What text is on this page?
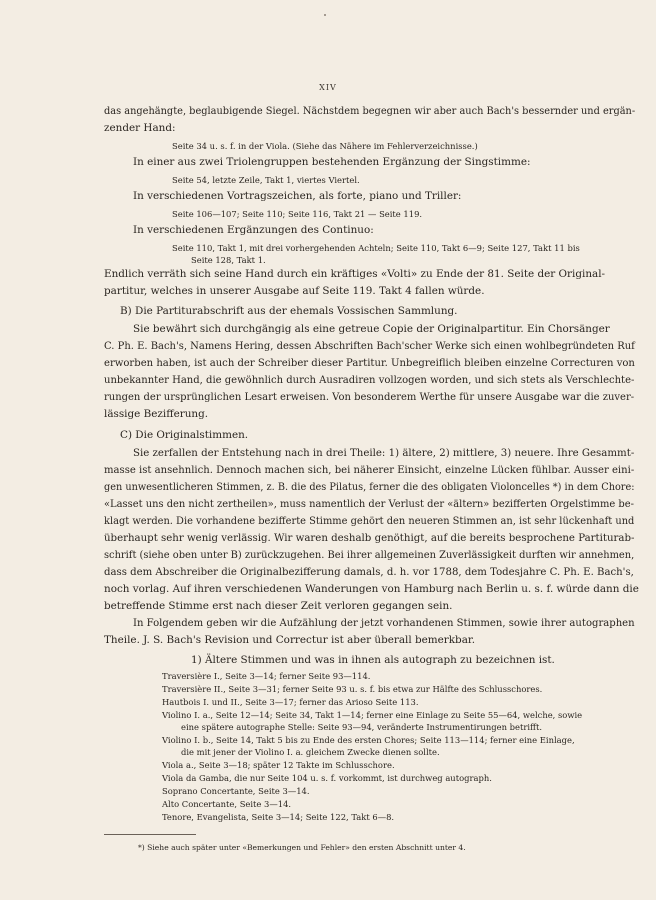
XIV
das angehängte, beglaubigende Siegel. Nächstdem begegnen wir aber auch Bach's bessernder und ergän-
zender Hand:
Seite 34 u. s. f. in der Viola. (Siehe das Nähere im Fehlerverzeichnisse.)
In einer aus zwei Triolengruppen bestehenden Ergänzung der Singstimme:
Seite 54, letzte Zeile, Takt 1, viertes Viertel.
In verschiedenen Vortragszeichen, als forte, piano und Triller:
Seite 106—107; Seite 110; Seite 116, Takt 21 — Seite 119.
In verschiedenen Ergänzungen des Continuo:
Seite 110, Takt 1, mit drei vorhergehenden Achteln; Seite 110, Takt 6—9; Seite 127, Takt 11 bis
Seite 128, Takt 1.
Endlich verräth sich seine Hand durch ein kräftiges «Volti» zu Ende der 81. Seite der Original-
partitur, welches in unserer Ausgabe auf Seite 119. Takt 4 fallen würde.
B) Die Partiturabschrift aus der ehemals Vossischen Sammlung.
Sie bewährt sich durchgängig als eine getreue Copie der Originalpartitur. Ein Chorsänger
C. Ph. E. Bach's, Namens Hering, dessen Abschriften Bach'scher Werke sich einen wohlbegründeten Ruf
erworben haben, ist auch der Schreiber dieser Partitur. Unbegreiflich bleiben einzelne Correcturen von
unbekannter Hand, die gewöhnlich durch Ausradiren vollzogen worden, und sich stets als Verschlechte-
rungen der ursprünglichen Lesart erweisen. Von besonderem Werthe für unsere Ausgabe war die zuver-
lässige Bezifferung.
C) Die Originalstimmen.
Sie zerfallen der Entstehung nach in drei Theile: 1) ältere, 2) mittlere, 3) neuere. Ihre Gesammt-
masse ist ansehnlich. Dennoch machen sich, bei näherer Einsicht, einzelne Lücken fühlbar. Ausser eini-
gen unwesentlicheren Stimmen, z. B. die des Pilatus, ferner die des obligaten Violoncelles *) in dem Chore:
«Lasset uns den nicht zertheilen», muss namentlich der Verlust der «ältern» bezifferten Orgelstimme be-
klagt werden. Die vorhandene bezifferte Stimme gehört den neueren Stimmen an, ist sehr lückenhaft und
überhaupt sehr wenig verlässig. Wir waren deshalb genöthigt, auf die bereits besprochene Partiturab-
schrift (siehe oben unter B) zurückzugehen. Bei ihrer allgemeinen Zuverlässigkeit durften wir annehmen,
dass dem Abschreiber die Originalbezifferung damals, d. h. vor 1788, dem Todesjahre C. Ph. E. Bach's,
noch vorlag. Auf ihren verschiedenen Wanderungen von Hamburg nach Berlin u. s. f. würde dann die
betreffende Stimme erst nach dieser Zeit verloren gegangen sein.
In Folgendem geben wir die Aufzählung der jetzt vorhandenen Stimmen, sowie ihrer autographen
Theile. J. S. Bach's Revision und Correctur ist aber überall bemerkbar.
1) Ältere Stimmen und was in ihnen als autograph zu bezeichnen ist.
Traversière I., Seite 3—14; ferner Seite 93—114.
Traversière II., Seite 3—31; ferner Seite 93 u. s. f. bis etwa zur Hälfte des Schlusschores.
Hautbois I. und II., Seite 3—17; ferner das Arioso Seite 113.
Violino I. a., Seite 12—14; Seite 34, Takt 1—14; ferner eine Einlage zu Seite 55—64, welche, sowie
eine spätere autographe Stelle: Seite 93—94, veränderte Instrumentirungen betrifft.
Violino I. b., Seite 14, Takt 5 bis zu Ende des ersten Chores; Seite 113—114; ferner eine Einlage,
die mit jener der Violino I. a. gleichem Zwecke dienen sollte.
Viola a., Seite 3—18; später 12 Takte im Schlusschore.
Viola da Gamba, die nur Seite 104 u. s. f. vorkommt, ist durchweg autograph.
Soprano Concertante, Seite 3—14.
Alto Concertante, Seite 3—14.
Tenore, Evangelista, Seite 3—14; Seite 122, Takt 6—8.
*) Siehe auch später unter «Bemerkungen und Fehler» den ersten Abschnitt unter 4.
